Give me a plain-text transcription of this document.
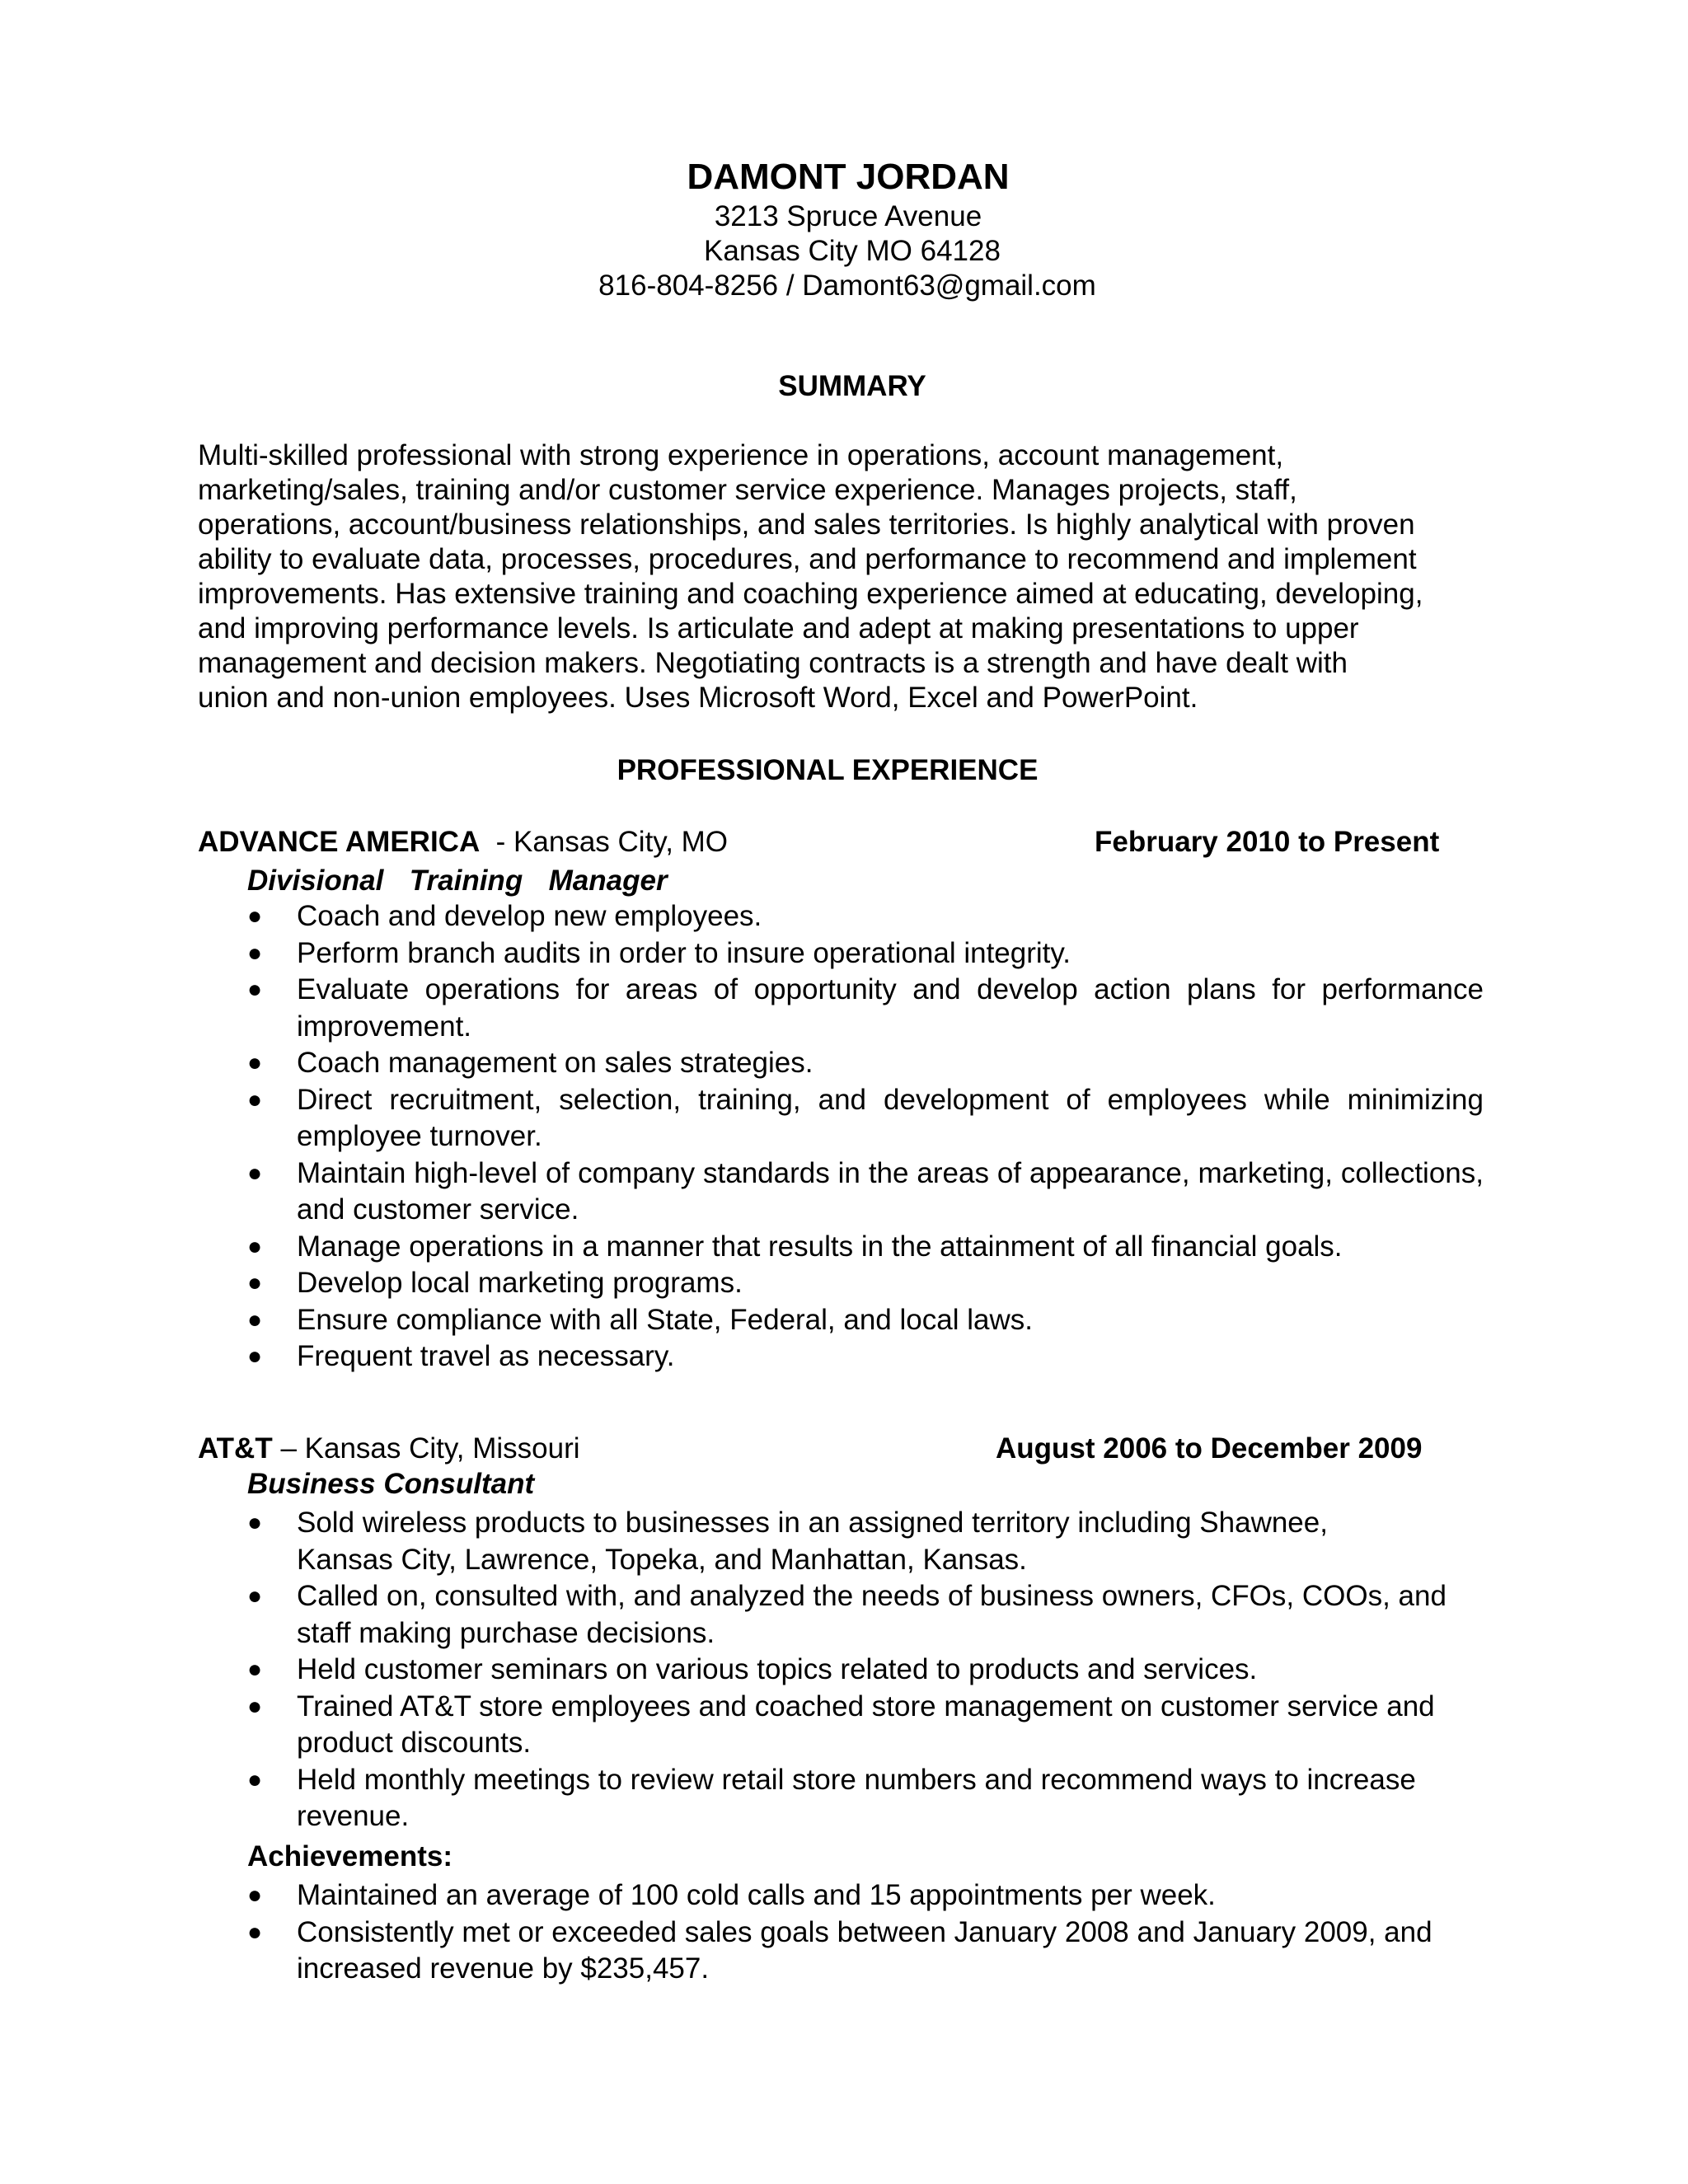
DAMONT JORDAN
3213 Spruce Avenue
Kansas City MO 64128
816-804-8256 / Damont63@gmail.com
SUMMARY
Multi-skilled professional with strong experience in operations, account management,
marketing/sales, training and/or customer service experience. Manages projects, staff,
operations, account/business relationships, and sales territories. Is highly analytical with proven
ability to evaluate data, processes, procedures, and performance to recommend and implement
improvements. Has extensive training and coaching experience aimed at educating, developing,
and improving performance levels. Is articulate and adept at making presentations to upper
management and decision makers. Negotiating contracts is a strength and have dealt with
union and non-union employees. Uses Microsoft Word, Excel and PowerPoint.
PROFESSIONAL EXPERIENCE
ADVANCE AMERICA  - Kansas City, MO	February 2010 to Present
Divisional  Training  Manager
●	Coach and develop new employees.
●	Perform branch audits in order to insure operational integrity.
●	Evaluate operations for areas of opportunity and develop action plans for performance improvement.
●	Coach management on sales strategies.
●	Direct recruitment, selection, training, and development of employees while minimizing employee turnover.
●	Maintain high-level of company standards in the areas of appearance, marketing, collections, and customer service.
●	Manage operations in a manner that results in the attainment of all financial goals.
●	Develop local marketing programs.
●	Ensure compliance with all State, Federal, and local laws.
●	Frequent travel as necessary.
AT&T – Kansas City, Missouri	August 2006 to December 2009
Business Consultant
●	Sold wireless products to businesses in an assigned territory including Shawnee, Kansas City, Lawrence, Topeka, and Manhattan, Kansas.
●	Called on, consulted with, and analyzed the needs of business owners, CFOs, COOs, and staff making purchase decisions.
●	Held customer seminars on various topics related to products and services.
●	Trained AT&T store employees and coached store management on customer service and product discounts.
●	Held monthly meetings to review retail store numbers and recommend ways to increase revenue.
Achievements:
●	Maintained an average of 100 cold calls and 15 appointments per week.
●	Consistently met or exceeded sales goals between January 2008 and January 2009, and increased revenue by $235,457.
